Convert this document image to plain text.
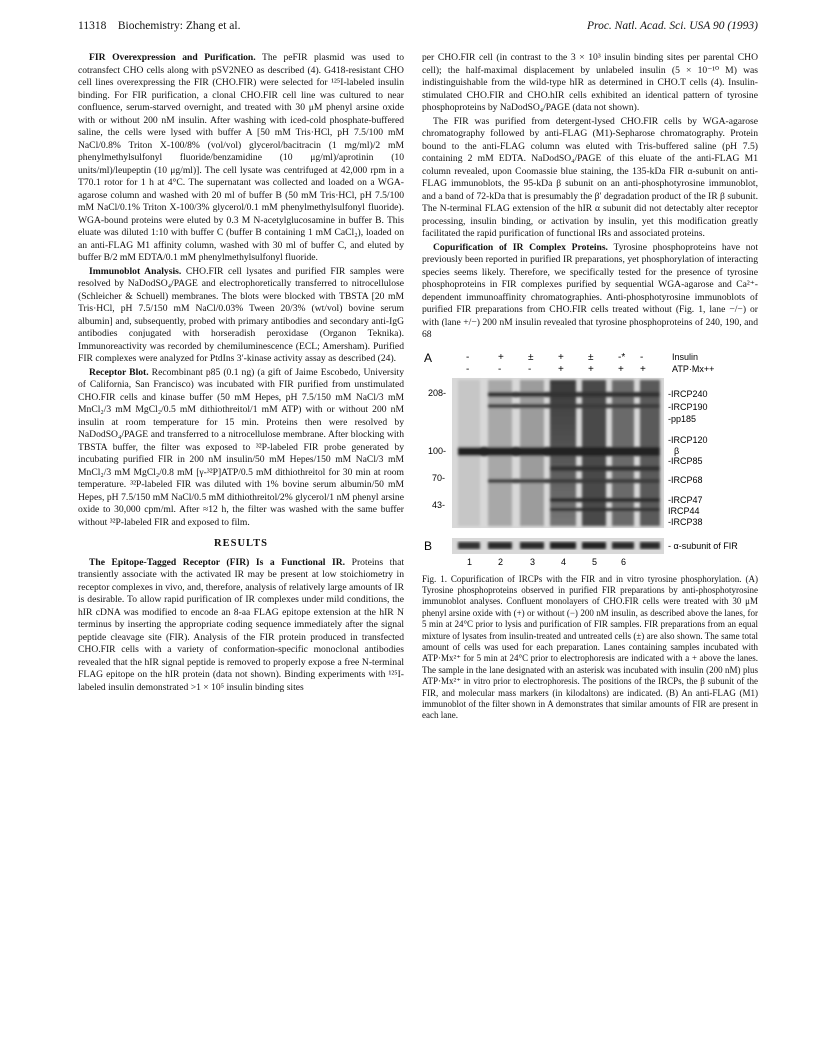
11318 Biochemistry: Zhang et al.	Proc. Natl. Acad. Sci. USA 90 (1993)

FIR Overexpression and Purification. The peFIR plasmid was used to cotransfect CHO cells along with pSV2NEO as described (4). G418-resistant CHO cell lines overexpressing the FIR (CHO.FIR) were selected for ¹²⁵I-labeled insulin binding. For FIR purification, a clonal CHO.FIR cell line was cultured to near confluence, serum-starved overnight, and treated with 30 μM phenyl arsine oxide with or without 200 nM insulin. After washing with iced-cold phosphate-buffered saline, the cells were lysed with buffer A [50 mM Tris·HCl, pH 7.5/100 mM NaCl/0.8% Triton X-100/8% (vol/vol) glycerol/bacitracin (1 mg/ml)/2 mM phenylmethylsulfonyl fluoride/benzamidine (10 μg/ml)/aprotinin (10 units/ml)/leupeptin (10 μg/ml)]. The cell lysate was centrifuged at 42,000 rpm in a T70.1 rotor for 1 h at 4°C. The supernatant was collected and loaded on a WGA-agarose column and washed with 20 ml of buffer B (50 mM Tris·HCl, pH 7.5/100 mM NaCl/0.1% Triton X-100/3% glycerol/0.1 mM phenylmethylsulfonyl fluoride). WGA-bound proteins were eluted by 0.3 M N-acetylglucosamine in buffer B. This eluate was diluted 1:10 with buffer C (buffer B containing 1 mM CaCl₂), loaded on an anti-FLAG M1 affinity column, washed with 30 ml of buffer C, and eluted by buffer B/2 mM EDTA/0.1 mM phenylmethylsulfonyl fluoride.

Immunoblot Analysis. CHO.FIR cell lysates and purified FIR samples were resolved by NaDodSO₄/PAGE and electrophoretically transferred to nitrocellulose (Schleicher & Schuell) membranes. The blots were blocked with TBSTA [20 mM Tris·HCl, pH 7.5/150 mM NaCl/0.03% Tween 20/3% (wt/vol) bovine serum albumin] and, subsequently, probed with primary antibodies and secondary anti-IgG antibodies conjugated with horseradish peroxidase (Organon Teknika). Immunoreactivity was recorded by chemiluminescence (ECL; Amersham). Purified FIR complexes were analyzed for PtdIns 3′-kinase activity assay as described (24).

Receptor Blot. Recombinant p85 (0.1 ng) (a gift of Jaime Escobedo, University of California, San Francisco) was incubated with FIR purified from unstimulated CHO.FIR cells and kinase buffer (50 mM Hepes, pH 7.5/150 mM NaCl/3 mM MnCl₂/3 mM MgCl₂/0.5 mM dithiothreitol/1 mM ATP) with or without 200 nM insulin at room temperature for 15 min. Proteins then were resolved by NaDodSO₄/PAGE and transferred to a nitrocellulose membrane. After blocking with TBSTA buffer, the filter was exposed to ³²P-labeled FIR probe generated by incubating purified FIR in 200 nM insulin/50 mM Hepes/150 mM NaCl/3 mM MnCl₂/3 mM MgCl₂/0.8 mM [γ-³²P]ATP/0.5 mM dithiothreitol for 30 min at room temperature. ³²P-labeled FIR was diluted with 1% bovine serum albumin/50 mM Hepes, pH 7.5/150 mM NaCl/0.5 mM dithiothreitol/2% glycerol/1 nM phenyl arsine oxide to 30,000 cpm/ml. After ≈12 h, the filter was washed with the same buffer without ³²P-labeled FIR and exposed to film.

RESULTS

The Epitope-Tagged Receptor (FIR) Is a Functional IR. Proteins that transiently associate with the activated IR may be present at low stoichiometry in receptor complexes in vivo, and, therefore, analysis of relatively large amounts of IR is desirable. To allow rapid purification of IR complexes under mild conditions, the hIR cDNA was modified to encode an 8-aa FLAG epitope extension at the hIR N terminus by inserting the appropriate coding sequence immediately after the signal peptide cleavage site (FIR). Analysis of the FIR protein produced in transfected CHO.FIR cells with a variety of conformation-specific monoclonal antibodies revealed that the hIR signal peptide is removed to properly expose a free N-terminal FLAG epitope on the hIR protein (data not shown). Binding experiments with ¹²⁵I-labeled insulin demonstrated >1 × 10⁵ insulin binding sites

per CHO.FIR cell (in contrast to the 3 × 10³ insulin binding sites per parental CHO cell); the half-maximal displacement by unlabeled insulin (5 × 10⁻¹⁰ M) was indistinguishable from the wild-type hIR as determined in CHO.T cells (4). Insulin-stimulated CHO.FIR and CHO.hIR cells exhibited an identical pattern of tyrosine phosphoproteins by NaDodSO₄/PAGE (data not shown).

The FIR was purified from detergent-lysed CHO.FIR cells by WGA-agarose chromatography followed by anti-FLAG (M1)-Sepharose chromatography. Protein bound to the anti-FLAG column was eluted with Tris-buffered saline (pH 7.5) containing 2 mM EDTA. NaDodSO₄/PAGE of this eluate of the anti-FLAG M1 column revealed, upon Coomassie blue staining, the 135-kDa FIR α-subunit on anti-FLAG immunoblots, the 95-kDa β subunit on an anti-phosphotyrosine immunoblot, and a band of 72-kDa that is presumably the β′ degradation product of the IR β subunit. The N-terminal FLAG extension of the hIR α subunit did not detectably alter receptor processing, insulin binding, or activation by insulin, yet this modification greatly facilitated the rapid purification of functional IRs and associated proteins.

Copurification of IR Complex Proteins. Tyrosine phosphoproteins have not previously been reported in purified IR preparations, yet phosphorylation of interacting species seems likely. Therefore, we specifically tested for the presence of tyrosine phosphoproteins in FIR complexes purified by sequential WGA-agarose and Ca²⁺-dependent immunoaffinity chromatographies. Anti-phosphotyrosine immunoblots of purified FIR preparations from CHO.FIR cells treated without (Fig. 1, lane −/−) or with (lane +/−) 200 nM insulin revealed that tyrosine phosphoproteins of 240, 190, and 68

A
B
-	+ ± + ± -* -	Insulin
-	-	-	+ + + +	ATP·Mx++
208-
100-
70-
43-
-IRCP240
-IRCP190
-pp185
-IRCP120
β
-IRCP85
-IRCP68
-IRCP47
IRCP44
-IRCP38
- α-subunit of FIR
1	2	3	4	5	6
Fig. 1. Copurification of IRCPs with the FIR and in vitro tyrosine phosphorylation. (A) Tyrosine phosphoproteins observed in purified FIR preparations by anti-phosphotyrosine immunoblot analyses. Confluent monolayers of CHO.FIR cells were treated with 30 μM phenyl arsine oxide with (+) or without (−) 200 nM insulin, as described above the lanes, for 5 min at 24°C prior to lysis and purification of FIR samples. FIR preparations from an equal mixture of lysates from insulin-treated and untreated cells (±) are also shown. The same total amount of cells was used for each preparation. Lanes containing samples incubated with ATP·Mx²⁺ for 5 min at 24°C prior to electrophoresis are indicated with a + above the lanes. The sample in the lane designated with an asterisk was incubated with insulin (200 nM) plus ATP·Mx²⁺ in vitro prior to electrophoresis. The positions of the IRCPs, the β subunit of the FIR, and molecular mass markers (in kilodaltons) are indicated. (B) An anti-FLAG (M1) immunoblot of the filter shown in A demonstrates that similar amounts of FIR are present in each lane.
